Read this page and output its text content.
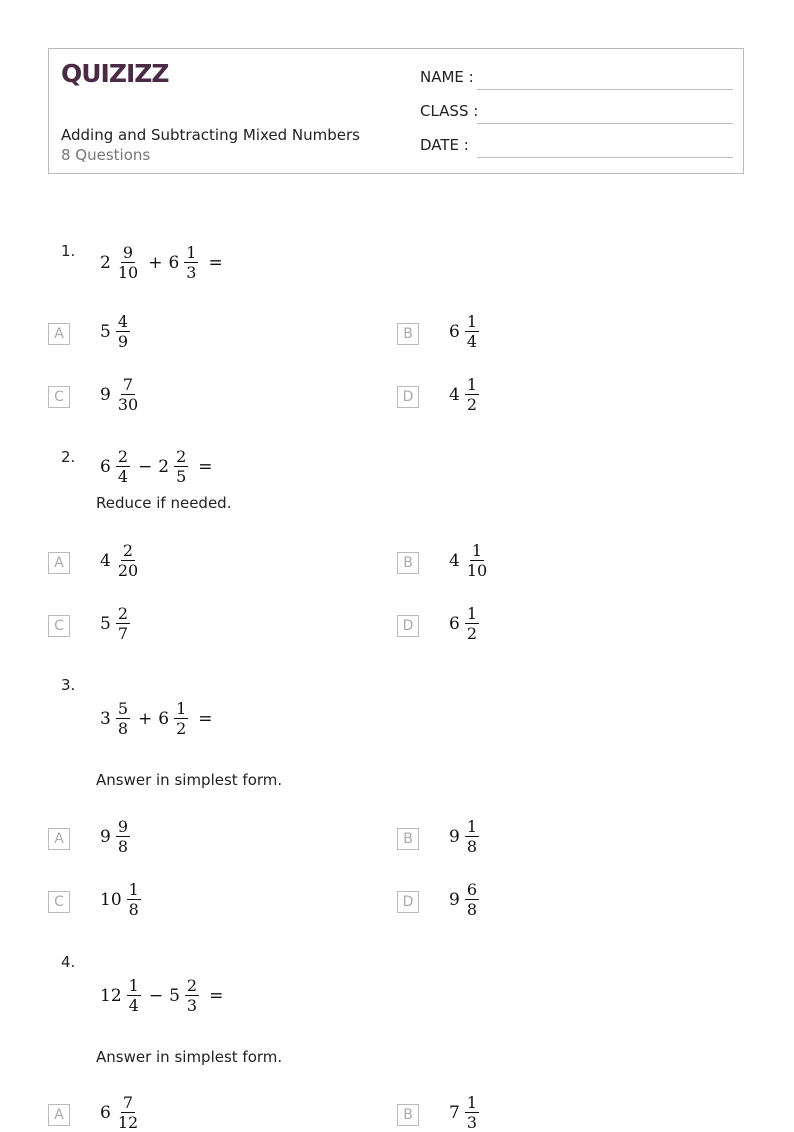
QUIZIZZ
Adding and Subtracting Mixed Numbers
8 Questions
NAME :
CLASS :
DATE :
1.
$2 \frac{9}{10} + 6 \frac{1}{3}$ =
A	$5 \frac{4}{9}$	B	$6 \frac{1}{4}$
C	$9 \frac{7}{30}$	D	$4 \frac{1}{2}$
2. $6 \frac{2}{4} - 2 \frac{2}{5}$ =
Reduce if needed.
A	$4 \frac{2}{20}$	B	$4 \frac{1}{10}$
C	$5 \frac{2}{7}$	D	$6 \frac{1}{2}$
3.
$3 \frac{5}{8} + 6 \frac{1}{2}$ =
Answer in simplest form.
A	$9 \frac{9}{8}$	B	$9 \frac{1}{8}$
C	$10 \frac{1}{8}$	D	$9 \frac{6}{8}$
4.
$12 \frac{1}{4} - 5 \frac{2}{3}$ =
Answer in simplest form.
A	$6 \frac{7}{12}$	B	$7 \frac{1}{3}$
